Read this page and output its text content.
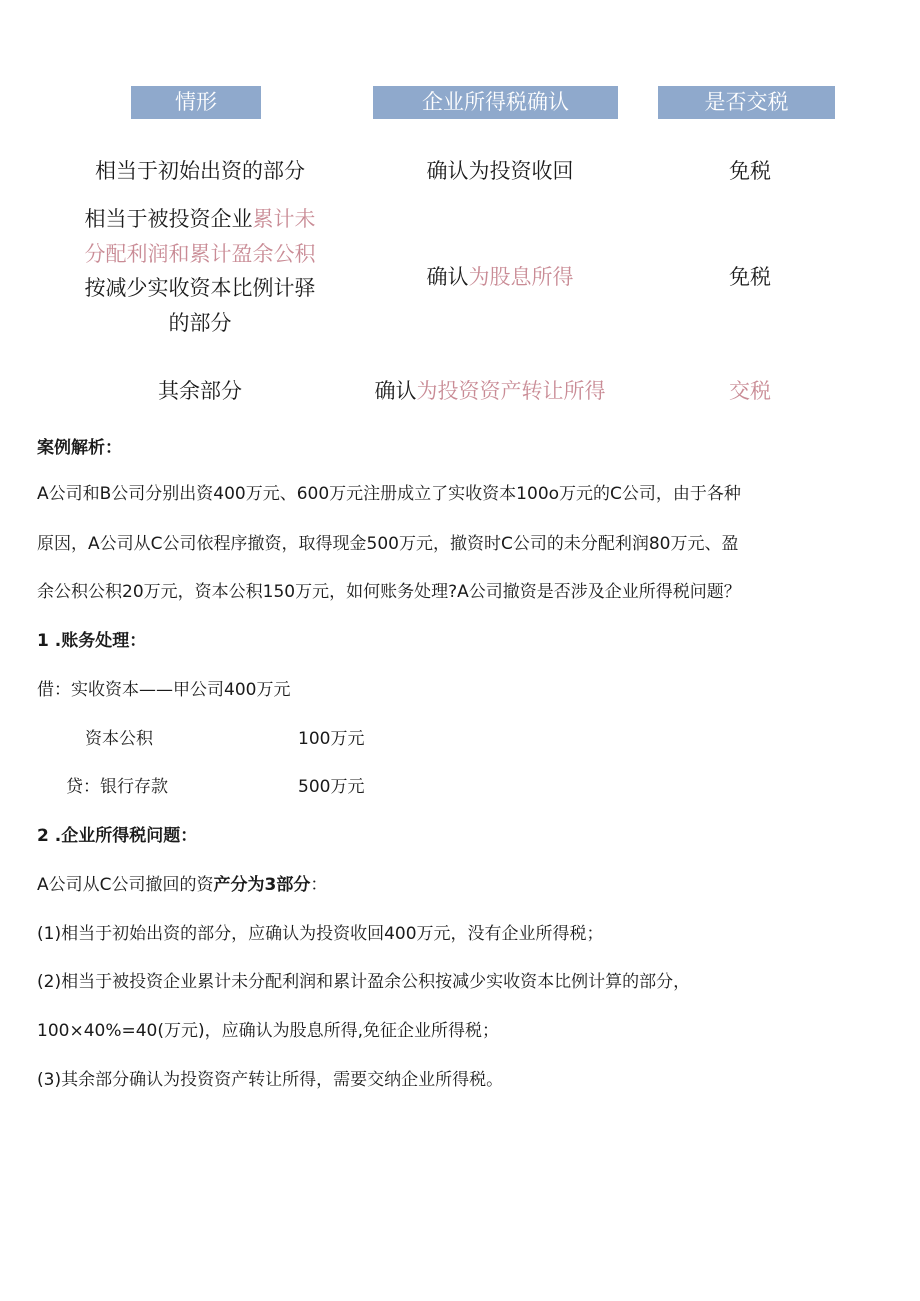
情形	企业所得税确认	是否交税
相当于初始出资的部分	确认为投资收回	免税
相当于被投资企业累计未
分配利润和累计盈余公积
按减少实收资本比例计驿
的部分
确认为股息所得	免税
其余部分	确认为投资资产转让所得	交税
案例解析：
A公司和B公司分别出资400万元、600万元注册成立了实收资本100o万元的C公司，由于各种
原因，A公司从C公司依程序撤资，取得现金500万元，撤资时C公司的未分配利润80万元、盈
余公积公积20万元，资本公积150万元，如何账务处理?A公司撤资是否涉及企业所得税问题？
1 .账务处理：
借：实收资本——甲公司400万元
资本公积	100万元
贷：银行存款	500万元
2 .企业所得税问题：
A公司从C公司撤回的资产分为3部分：
(1)相当于初始出资的部分，应确认为投资收回400万元，没有企业所得税；
(2)相当于被投资企业累计未分配利润和累计盈余公积按减少实收资本比例计算的部分，
100×40%=40(万元)，应确认为股息所得,免征企业所得税；
(3)其余部分确认为投资资产转让所得，需要交纳企业所得税。
